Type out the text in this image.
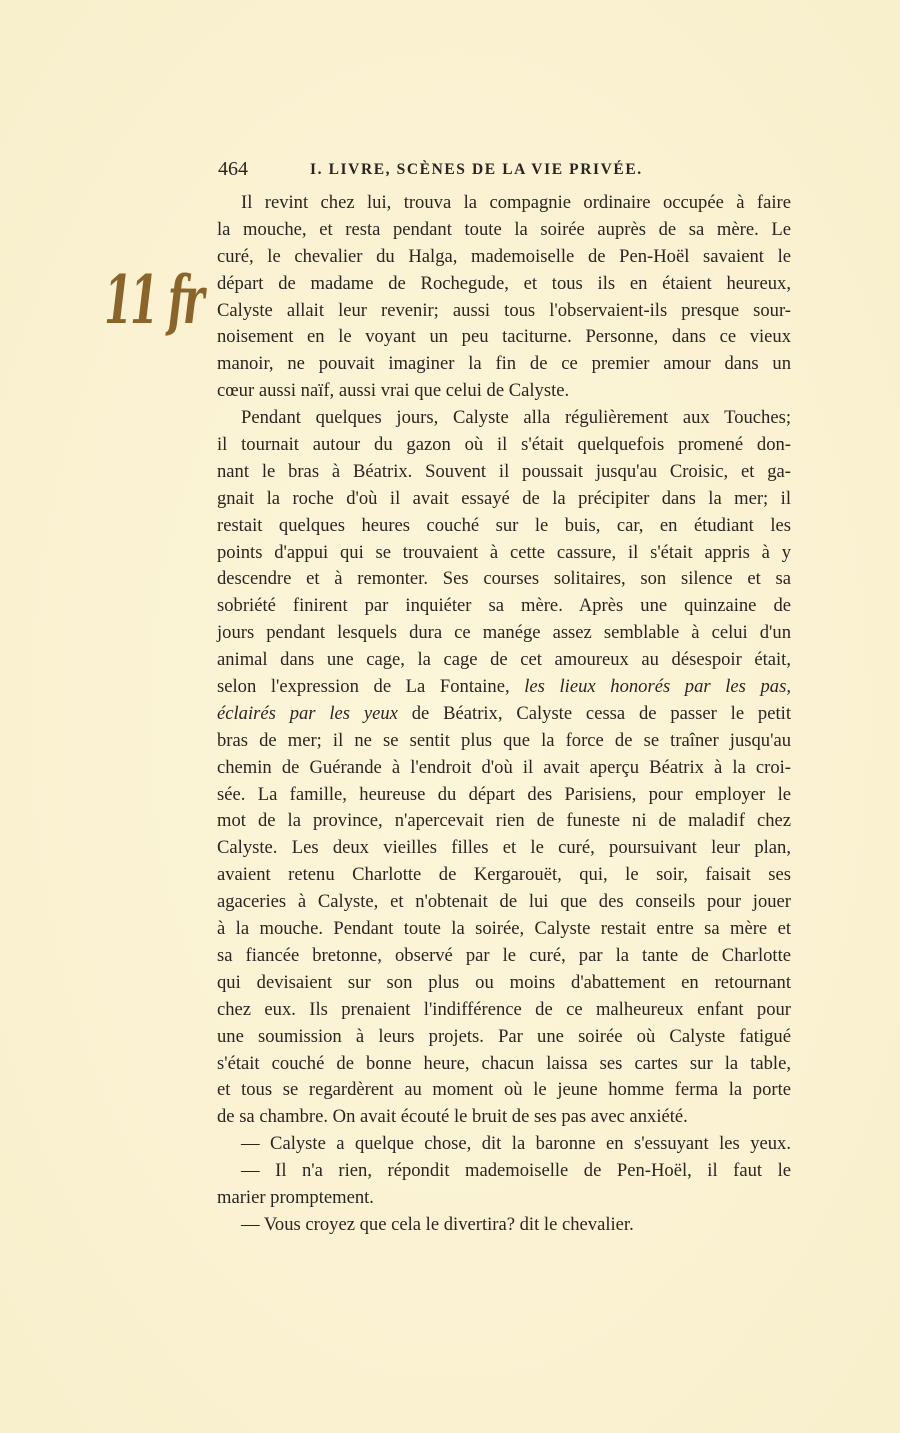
464	I. LIVRE, SCÈNES DE LA VIE PRIVÉE.
11 fr
Il revint chez lui, trouva la compagnie ordinaire occupée à faire
la mouche, et resta pendant toute la soirée auprès de sa mère. Le
curé, le chevalier du Halga, mademoiselle de Pen-Hoël savaient le
départ de madame de Rochegude, et tous ils en étaient heureux,
Calyste allait leur revenir; aussi tous l'observaient-ils presque sour-
noisement en le voyant un peu taciturne. Personne, dans ce vieux
manoir, ne pouvait imaginer la fin de ce premier amour dans un
cœur aussi naïf, aussi vrai que celui de Calyste.
Pendant quelques jours, Calyste alla régulièrement aux Touches;
il tournait autour du gazon où il s'était quelquefois promené don-
nant le bras à Béatrix. Souvent il poussait jusqu'au Croisic, et ga-
gnait la roche d'où il avait essayé de la précipiter dans la mer; il
restait quelques heures couché sur le buis, car, en étudiant les
points d'appui qui se trouvaient à cette cassure, il s'était appris à y
descendre et à remonter. Ses courses solitaires, son silence et sa
sobriété finirent par inquiéter sa mère. Après une quinzaine de
jours pendant lesquels dura ce manége assez semblable à celui d'un
animal dans une cage, la cage de cet amoureux au désespoir était,
selon l'expression de La Fontaine, les lieux honorés par les pas,
éclairés par les yeux de Béatrix, Calyste cessa de passer le petit
bras de mer; il ne se sentit plus que la force de se traîner jusqu'au
chemin de Guérande à l'endroit d'où il avait aperçu Béatrix à la croi-
sée. La famille, heureuse du départ des Parisiens, pour employer le
mot de la province, n'apercevait rien de funeste ni de maladif chez
Calyste. Les deux vieilles filles et le curé, poursuivant leur plan,
avaient retenu Charlotte de Kergarouët, qui, le soir, faisait ses
agaceries à Calyste, et n'obtenait de lui que des conseils pour jouer
à la mouche. Pendant toute la soirée, Calyste restait entre sa mère et
sa fiancée bretonne, observé par le curé, par la tante de Charlotte
qui devisaient sur son plus ou moins d'abattement en retournant
chez eux. Ils prenaient l'indifférence de ce malheureux enfant pour
une soumission à leurs projets. Par une soirée où Calyste fatigué
s'était couché de bonne heure, chacun laissa ses cartes sur la table,
et tous se regardèrent au moment où le jeune homme ferma la porte
de sa chambre. On avait écouté le bruit de ses pas avec anxiété.
— Calyste a quelque chose, dit la baronne en s'essuyant les yeux.
— Il n'a rien, répondit mademoiselle de Pen-Hoël, il faut le
marier promptement.
— Vous croyez que cela le divertira? dit le chevalier.
